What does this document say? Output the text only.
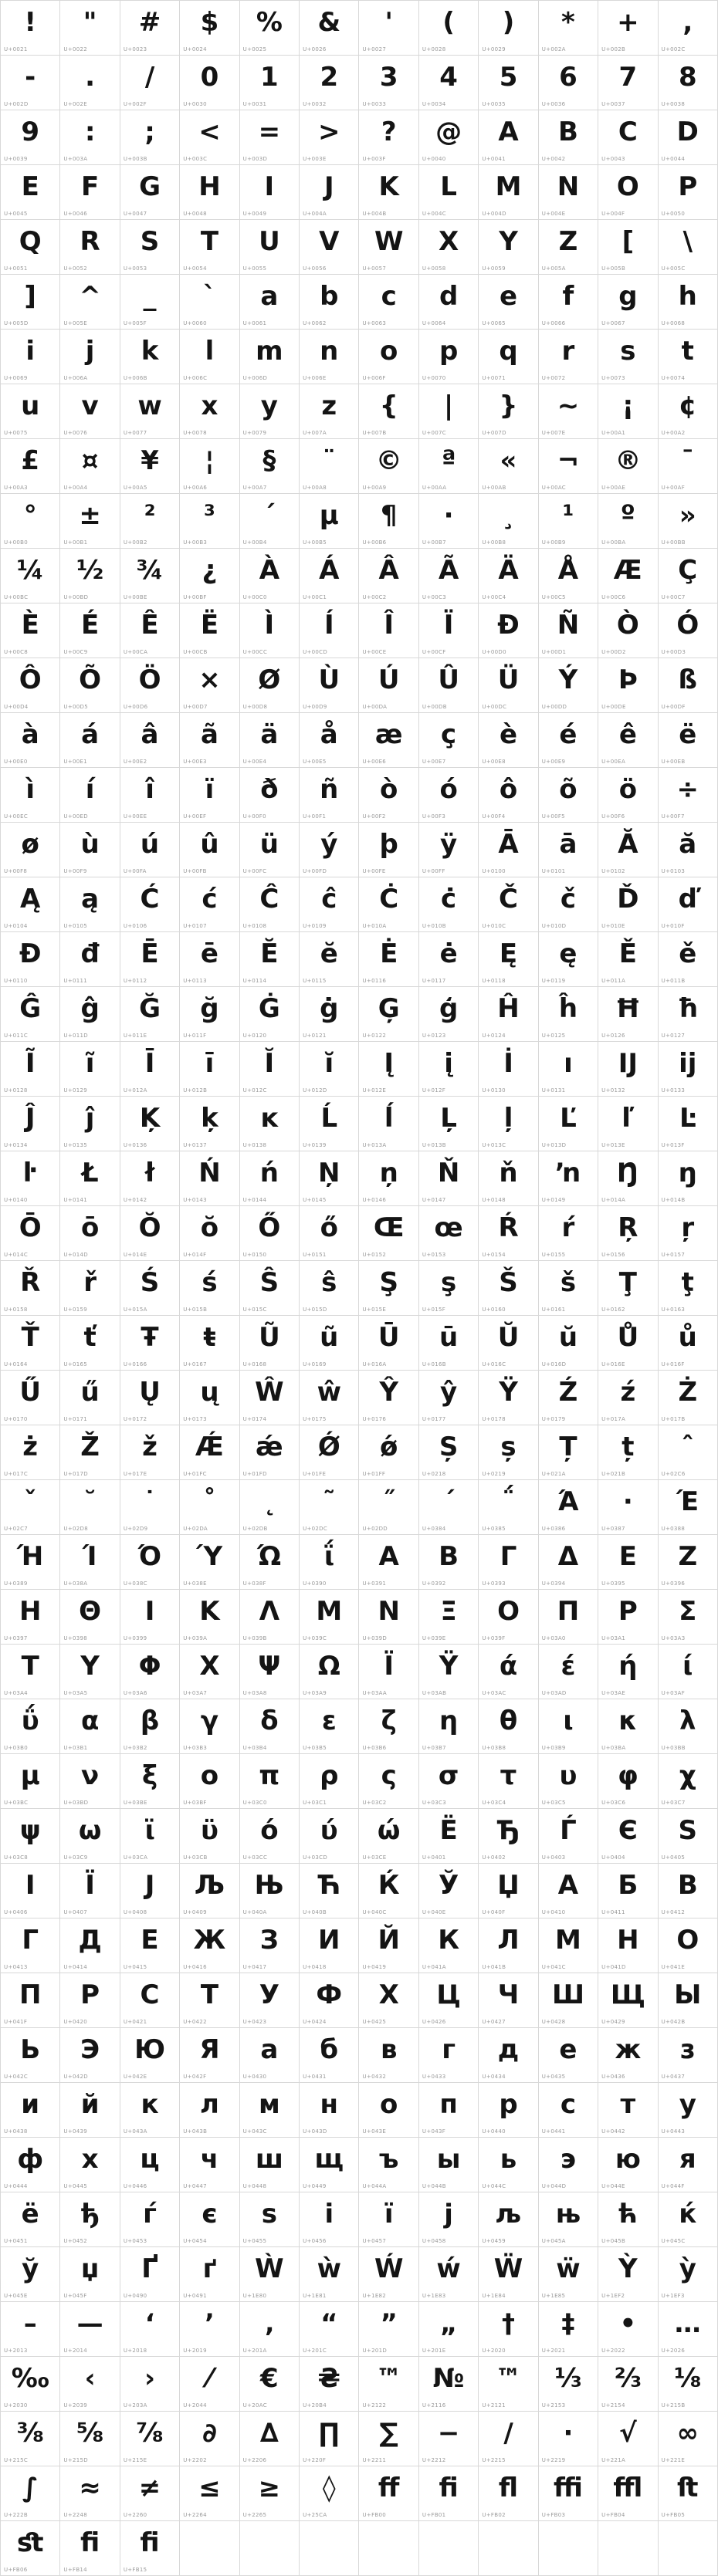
!
U+0021
"
U+0022
#
U+0023
$
U+0024
%
U+0025
&
U+0026
'
U+0027
(
U+0028
)
U+0029
*
U+002A
+
U+002B
,
U+002C
-
U+002D
.
U+002E
/
U+002F
0
U+0030
1
U+0031
2
U+0032
3
U+0033
4
U+0034
5
U+0035
6
U+0036
7
U+0037
8
U+0038
9
U+0039
:
U+003A
;
U+003B
<
U+003C
=
U+003D
>
U+003E
?
U+003F
@
U+0040
A
U+0041
B
U+0042
C
U+0043
D
U+0044
E
U+0045
F
U+0046
G
U+0047
H
U+0048
I
U+0049
J
U+004A
K
U+004B
L
U+004C
M
U+004D
N
U+004E
O
U+004F
P
U+0050
Q
U+0051
R
U+0052
S
U+0053
T
U+0054
U
U+0055
V
U+0056
W
U+0057
X
U+0058
Y
U+0059
Z
U+005A
[
U+005B
\
U+005C
]
U+005D
^
U+005E
_
U+005F
`
U+0060
a
U+0061
b
U+0062
c
U+0063
d
U+0064
e
U+0065
f
U+0066
g
U+0067
h
U+0068
i
U+0069
j
U+006A
k
U+006B
l
U+006C
m
U+006D
n
U+006E
o
U+006F
p
U+0070
q
U+0071
r
U+0072
s
U+0073
t
U+0074
u
U+0075
v
U+0076
w
U+0077
x
U+0078
y
U+0079
z
U+007A
{
U+007B
|
U+007C
}
U+007D
~
U+007E
¡
U+00A1
¢
U+00A2
£
U+00A3
¤
U+00A4
¥
U+00A5
¦
U+00A6
§
U+00A7
¨
U+00A8
©
U+00A9
ª
U+00AA
«
U+00AB
¬
U+00AC
®
U+00AE
¯
U+00AF
°
U+00B0
±
U+00B1
²
U+00B2
³
U+00B3
´
U+00B4
µ
U+00B5
¶
U+00B6
·
U+00B7
¸
U+00B8
¹
U+00B9
º
U+00BA
»
U+00BB
¼
U+00BC
½
U+00BD
¾
U+00BE
¿
U+00BF
À
U+00C0
Á
U+00C1
Â
U+00C2
Ã
U+00C3
Ä
U+00C4
Å
U+00C5
Æ
U+00C6
Ç
U+00C7
È
U+00C8
É
U+00C9
Ê
U+00CA
Ë
U+00CB
Ì
U+00CC
Í
U+00CD
Î
U+00CE
Ï
U+00CF
Ð
U+00D0
Ñ
U+00D1
Ò
U+00D2
Ó
U+00D3
Ô
U+00D4
Õ
U+00D5
Ö
U+00D6
×
U+00D7
Ø
U+00D8
Ù
U+00D9
Ú
U+00DA
Û
U+00DB
Ü
U+00DC
Ý
U+00DD
Þ
U+00DE
ß
U+00DF
à
U+00E0
á
U+00E1
â
U+00E2
ã
U+00E3
ä
U+00E4
å
U+00E5
æ
U+00E6
ç
U+00E7
è
U+00E8
é
U+00E9
ê
U+00EA
ë
U+00EB
ì
U+00EC
í
U+00ED
î
U+00EE
ï
U+00EF
ð
U+00F0
ñ
U+00F1
ò
U+00F2
ó
U+00F3
ô
U+00F4
õ
U+00F5
ö
U+00F6
÷
U+00F7
ø
U+00F8
ù
U+00F9
ú
U+00FA
û
U+00FB
ü
U+00FC
ý
U+00FD
þ
U+00FE
ÿ
U+00FF
Ā
U+0100
ā
U+0101
Ă
U+0102
ă
U+0103
Ą
U+0104
ą
U+0105
Ć
U+0106
ć
U+0107
Ĉ
U+0108
ĉ
U+0109
Ċ
U+010A
ċ
U+010B
Č
U+010C
č
U+010D
Ď
U+010E
ď
U+010F
Đ
U+0110
đ
U+0111
Ē
U+0112
ē
U+0113
Ĕ
U+0114
ĕ
U+0115
Ė
U+0116
ė
U+0117
Ę
U+0118
ę
U+0119
Ě
U+011A
ě
U+011B
Ĝ
U+011C
ĝ
U+011D
Ğ
U+011E
ğ
U+011F
Ġ
U+0120
ġ
U+0121
Ģ
U+0122
ģ
U+0123
Ĥ
U+0124
ĥ
U+0125
Ħ
U+0126
ħ
U+0127
Ĩ
U+0128
ĩ
U+0129
Ī
U+012A
ī
U+012B
Ĭ
U+012C
ĭ
U+012D
Į
U+012E
į
U+012F
İ
U+0130
ı
U+0131
Ĳ
U+0132
ĳ
U+0133
Ĵ
U+0134
ĵ
U+0135
Ķ
U+0136
ķ
U+0137
ĸ
U+0138
Ĺ
U+0139
ĺ
U+013A
Ļ
U+013B
ļ
U+013C
Ľ
U+013D
ľ
U+013E
Ŀ
U+013F
ŀ
U+0140
Ł
U+0141
ł
U+0142
Ń
U+0143
ń
U+0144
Ņ
U+0145
ņ
U+0146
Ň
U+0147
ň
U+0148
ŉ
U+0149
Ŋ
U+014A
ŋ
U+014B
Ō
U+014C
ō
U+014D
Ŏ
U+014E
ŏ
U+014F
Ő
U+0150
ő
U+0151
Œ
U+0152
œ
U+0153
Ŕ
U+0154
ŕ
U+0155
Ŗ
U+0156
ŗ
U+0157
Ř
U+0158
ř
U+0159
Ś
U+015A
ś
U+015B
Ŝ
U+015C
ŝ
U+015D
Ş
U+015E
ş
U+015F
Š
U+0160
š
U+0161
Ţ
U+0162
ţ
U+0163
Ť
U+0164
ť
U+0165
Ŧ
U+0166
ŧ
U+0167
Ũ
U+0168
ũ
U+0169
Ū
U+016A
ū
U+016B
Ŭ
U+016C
ŭ
U+016D
Ů
U+016E
ů
U+016F
Ű
U+0170
ű
U+0171
Ų
U+0172
ų
U+0173
Ŵ
U+0174
ŵ
U+0175
Ŷ
U+0176
ŷ
U+0177
Ÿ
U+0178
Ź
U+0179
ź
U+017A
Ż
U+017B
ż
U+017C
Ž
U+017D
ž
U+017E
Ǽ
U+01FC
ǽ
U+01FD
Ǿ
U+01FE
ǿ
U+01FF
Ș
U+0218
ș
U+0219
Ț
U+021A
ț
U+021B
ˆ
U+02C6
ˇ
U+02C7
˘
U+02D8
˙
U+02D9
˚
U+02DA
˛
U+02DB
˜
U+02DC
˝
U+02DD
΄
U+0384
΅
U+0385
Ά
U+0386
·
U+0387
Έ
U+0388
Ή
U+0389
Ί
U+038A
Ό
U+038C
Ύ
U+038E
Ώ
U+038F
ΐ
U+0390
Α
U+0391
Β
U+0392
Γ
U+0393
Δ
U+0394
Ε
U+0395
Ζ
U+0396
Η
U+0397
Θ
U+0398
Ι
U+0399
Κ
U+039A
Λ
U+039B
Μ
U+039C
Ν
U+039D
Ξ
U+039E
Ο
U+039F
Π
U+03A0
Ρ
U+03A1
Σ
U+03A3
Τ
U+03A4
Υ
U+03A5
Φ
U+03A6
Χ
U+03A7
Ψ
U+03A8
Ω
U+03A9
Ϊ
U+03AA
Ϋ
U+03AB
ά
U+03AC
έ
U+03AD
ή
U+03AE
ί
U+03AF
ΰ
U+03B0
α
U+03B1
β
U+03B2
γ
U+03B3
δ
U+03B4
ε
U+03B5
ζ
U+03B6
η
U+03B7
θ
U+03B8
ι
U+03B9
κ
U+03BA
λ
U+03BB
μ
U+03BC
ν
U+03BD
ξ
U+03BE
ο
U+03BF
π
U+03C0
ρ
U+03C1
ς
U+03C2
σ
U+03C3
τ
U+03C4
υ
U+03C5
φ
U+03C6
χ
U+03C7
ψ
U+03C8
ω
U+03C9
ϊ
U+03CA
ϋ
U+03CB
ό
U+03CC
ύ
U+03CD
ώ
U+03CE
Ё
U+0401
Ђ
U+0402
Ѓ
U+0403
Є
U+0404
Ѕ
U+0405
І
U+0406
Ї
U+0407
Ј
U+0408
Љ
U+0409
Њ
U+040A
Ћ
U+040B
Ќ
U+040C
Ў
U+040E
Џ
U+040F
А
U+0410
Б
U+0411
В
U+0412
Г
U+0413
Д
U+0414
Е
U+0415
Ж
U+0416
З
U+0417
И
U+0418
Й
U+0419
К
U+041A
Л
U+041B
М
U+041C
Н
U+041D
О
U+041E
П
U+041F
Р
U+0420
С
U+0421
Т
U+0422
У
U+0423
Ф
U+0424
Х
U+0425
Ц
U+0426
Ч
U+0427
Ш
U+0428
Щ
U+0429
Ы
U+042B
Ь
U+042C
Э
U+042D
Ю
U+042E
Я
U+042F
а
U+0430
б
U+0431
в
U+0432
г
U+0433
д
U+0434
е
U+0435
ж
U+0436
з
U+0437
и
U+0438
й
U+0439
к
U+043A
л
U+043B
м
U+043C
н
U+043D
о
U+043E
п
U+043F
р
U+0440
с
U+0441
т
U+0442
у
U+0443
ф
U+0444
х
U+0445
ц
U+0446
ч
U+0447
ш
U+0448
щ
U+0449
ъ
U+044A
ы
U+044B
ь
U+044C
э
U+044D
ю
U+044E
я
U+044F
ё
U+0451
ђ
U+0452
ѓ
U+0453
є
U+0454
ѕ
U+0455
і
U+0456
ї
U+0457
ј
U+0458
љ
U+0459
њ
U+045A
ћ
U+045B
ќ
U+045C
ў
U+045E
џ
U+045F
Ґ
U+0490
ґ
U+0491
Ẁ
U+1E80
ẁ
U+1E81
Ẃ
U+1E82
ẃ
U+1E83
Ẅ
U+1E84
ẅ
U+1E85
Ỳ
U+1EF2
ỳ
U+1EF3
–
U+2013
—
U+2014
‘
U+2018
’
U+2019
‚
U+201A
“
U+201C
”
U+201D
„
U+201E
†
U+2020
‡
U+2021
•
U+2022
…
U+2026
‰
U+2030
‹
U+2039
›
U+203A
⁄
U+2044
€
U+20AC
₴
U+20B4
™
U+2122
№
U+2116
™
U+2121
⅓
U+2153
⅔
U+2154
⅛
U+215B
⅜
U+215C
⅝
U+215D
⅞
U+215E
∂
U+2202
∆
U+2206
∏
U+220F
∑
U+2211
−
U+2212
∕
U+2215
∙
U+2219
√
U+221A
∞
U+221E
∫
U+222B
≈
U+2248
≠
U+2260
≤
U+2264
≥
U+2265
◊
U+25CA
ﬀ
U+FB00
ﬁ
U+FB01
ﬂ
U+FB02
ﬃ
U+FB03
ﬄ
U+FB04
ﬅ
U+FB05
ﬆ
U+FB06
ﬁ
U+FB14
ﬁ
U+FB15
